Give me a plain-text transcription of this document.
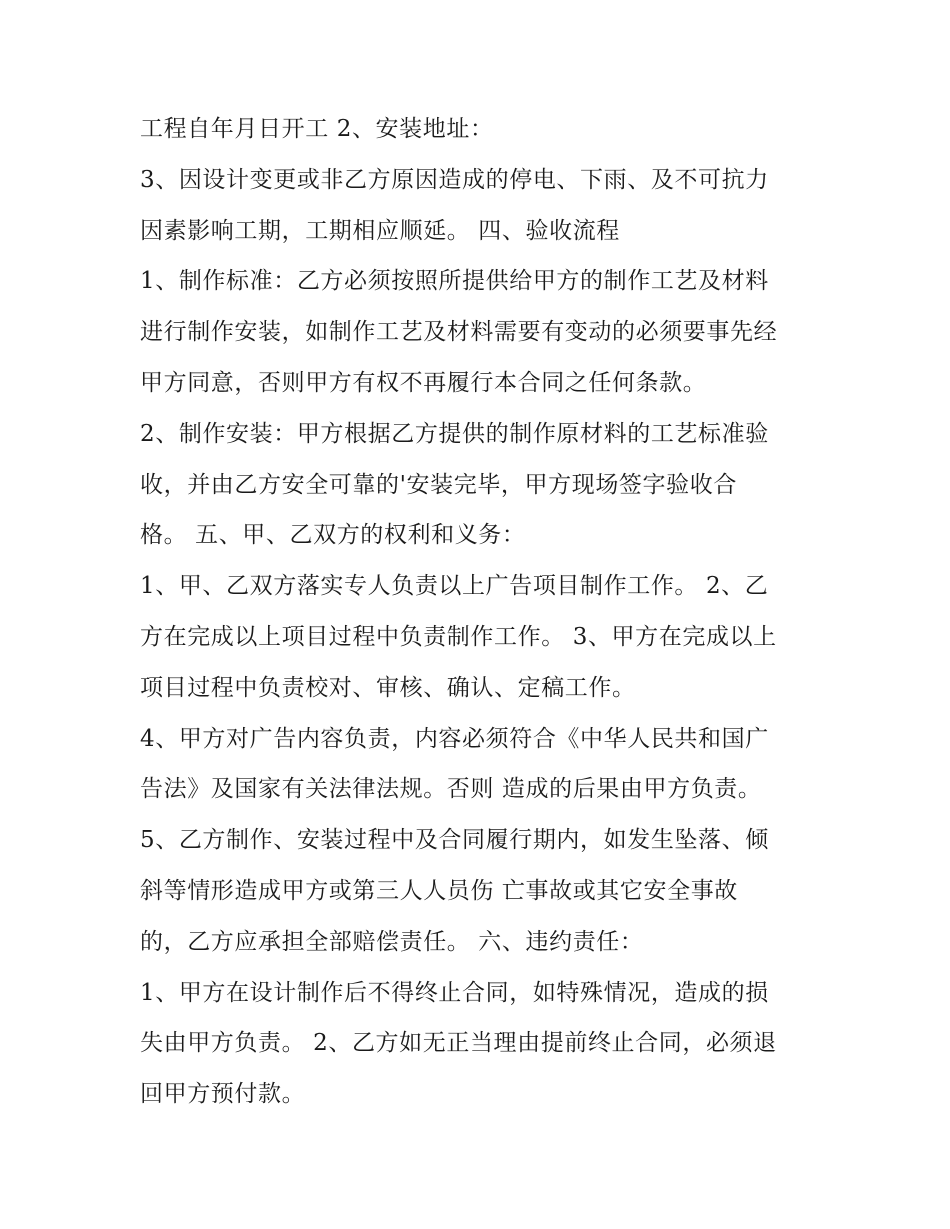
工程自年月日开工 2、安装地址：
3、因设计变更或非乙方原因造成的停电、下雨、及不可抗力
因素影响工期，工期相应顺延。 四、验收流程
1、制作标准：乙方必须按照所提供给甲方的制作工艺及材料
进行制作安装，如制作工艺及材料需要有变动的必须要事先经
甲方同意，否则甲方有权不再履行本合同之任何条款。
2、制作安装：甲方根据乙方提供的制作原材料的工艺标准验
收，并由乙方安全可靠的'安装完毕，甲方现场签字验收合
格。 五、甲、乙双方的权利和义务：
1、甲、乙双方落实专人负责以上广告项目制作工作。 2、乙
方在完成以上项目过程中负责制作工作。 3、甲方在完成以上
项目过程中负责校对、审核、确认、定稿工作。
4、甲方对广告内容负责，内容必须符合《中华人民共和国广
告法》及国家有关法律法规。否则 造成的后果由甲方负责。
5、乙方制作、安装过程中及合同履行期内，如发生坠落、倾
斜等情形造成甲方或第三人人员伤 亡事故或其它安全事故
的，乙方应承担全部赔偿责任。 六、违约责任：
1、甲方在设计制作后不得终止合同，如特殊情况，造成的损
失由甲方负责。 2、乙方如无正当理由提前终止合同，必须退
回甲方预付款。
